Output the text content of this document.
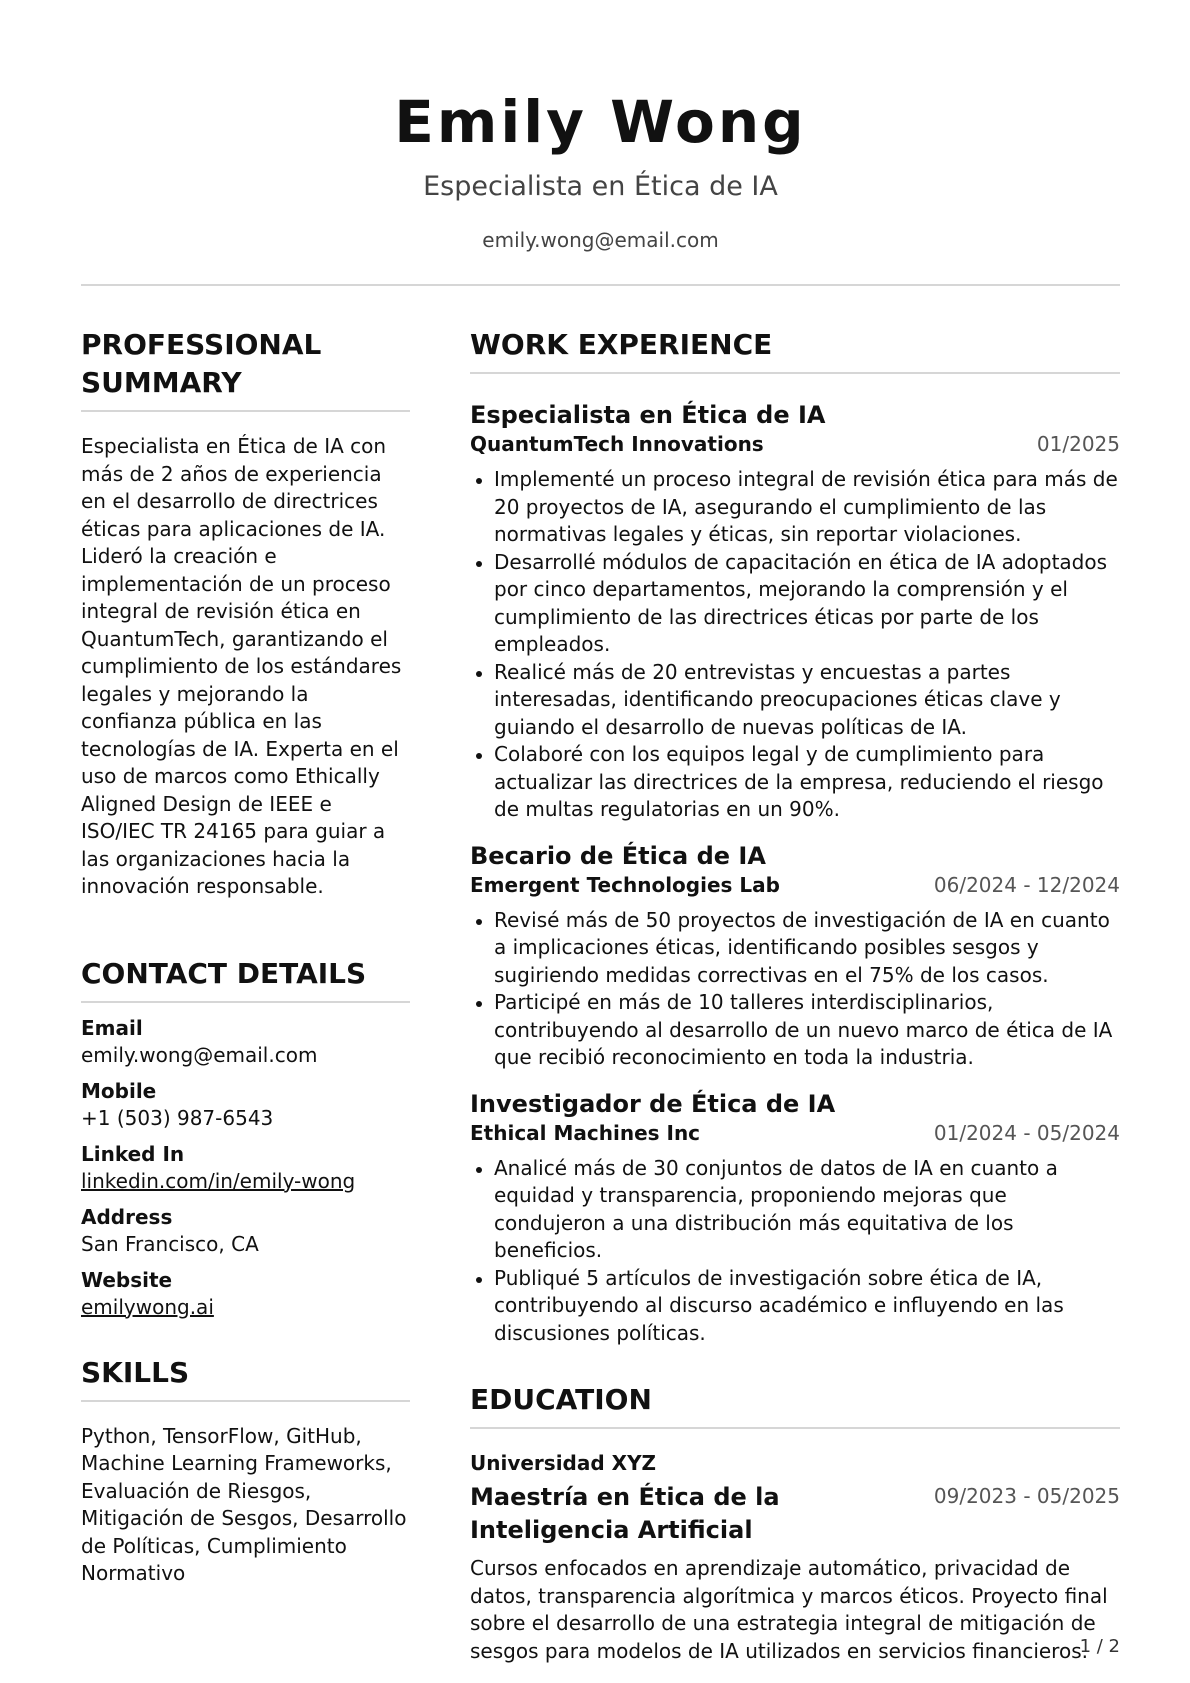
Emily Wong
Especialista en Ética de IA
emily.wong@email.com
PROFESSIONAL SUMMARY

Especialista en Ética de IA con más de 2 años de experiencia en el desarrollo de directrices éticas para aplicaciones de IA. Lideró la creación e implementación de un proceso integral de revisión ética en QuantumTech, garantizando el cumplimiento de los estándares legales y mejorando la confianza pública en las tecnologías de IA. Experta en el uso de marcos como Ethically Aligned Design de IEEE e ISO/IEC TR 24165 para guiar a las organizaciones hacia la innovación responsable.

CONTACT DETAILS
Email
emily.wong@email.com
Mobile
+1 (503) 987-6543
Linked In
linkedin.com/in/emily-wong
Address
San Francisco, CA
Website
emilywong.ai
SKILLS

Python, TensorFlow, GitHub, Machine Learning Frameworks, Evaluación de Riesgos, Mitigación de Sesgos, Desarrollo de Políticas, Cumplimiento Normativo

WORK EXPERIENCE
Especialista en Ética de IA
QuantumTech Innovations	01/2025
Implementé un proceso integral de revisión ética para más de 20 proyectos de IA, asegurando el cumplimiento de las normativas legales y éticas, sin reportar violaciones.
Desarrollé módulos de capacitación en ética de IA adoptados por cinco departamentos, mejorando la comprensión y el cumplimiento de las directrices éticas por parte de los empleados.
Realicé más de 20 entrevistas y encuestas a partes interesadas, identificando preocupaciones éticas clave y guiando el desarrollo de nuevas políticas de IA.
Colaboré con los equipos legal y de cumplimiento para actualizar las directrices de la empresa, reduciendo el riesgo de multas regulatorias en un 90%.
Becario de Ética de IA
Emergent Technologies Lab	06/2024 - 12/2024
Revisé más de 50 proyectos de investigación de IA en cuanto a implicaciones éticas, identificando posibles sesgos y sugiriendo medidas correctivas en el 75% de los casos.
Participé en más de 10 talleres interdisciplinarios, contribuyendo al desarrollo de un nuevo marco de ética de IA que recibió reconocimiento en toda la industria.
Investigador de Ética de IA
Ethical Machines Inc	01/2024 - 05/2024
Analicé más de 30 conjuntos de datos de IA en cuanto a equidad y transparencia, proponiendo mejoras que condujeron a una distribución más equitativa de los beneficios.
Publiqué 5 artículos de investigación sobre ética de IA, contribuyendo al discurso académico e influyendo en las discusiones políticas.
EDUCATION
Universidad XYZ
Maestría en Ética de la Inteligencia Artificial
09/2023 - 05/2025

Cursos enfocados en aprendizaje automático, privacidad de datos, transparencia algorítmica y marcos éticos. Proyecto final sobre el desarrollo de una estrategia integral de mitigación de sesgos para modelos de IA utilizados en servicios financieros.

1 / 2
